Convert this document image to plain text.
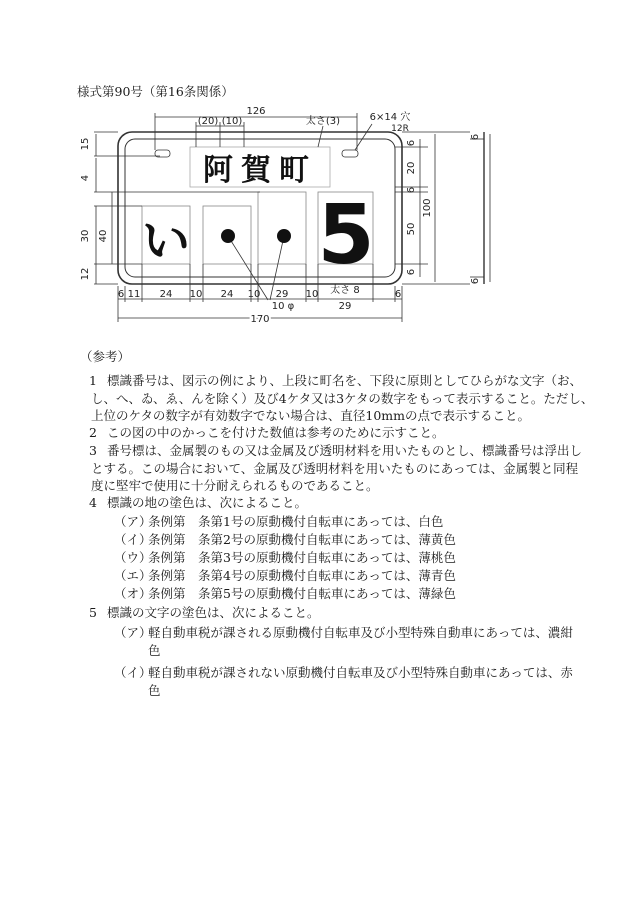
様式第90号（第16条関係）
阿賀町
い 5
126
(20) (10)	太さ(3)	6×14 穴
12R
15
4
30 40
12
6
20
6
50
6
100
6
6
6 11 24 10 24 10 29 10 太さ 8	6
10 φ	29
170
（参考）
1 標識番号は、図示の例により、上段に町名を、下段に原則としてひらがな文字（お、
し、へ、ゐ、ゑ、んを除く）及び4ケタ又は3ケタの数字をもって表示すること。ただし、
上位のケタの数字が有効数字でない場合は、直径10mmの点で表示すること。
2 この図の中のかっこを付けた数値は参考のために示すこと。
3 番号標は、金属製のもの又は金属及び透明材料を用いたものとし、標識番号は浮出し
とする。この場合において、金属及び透明材料を用いたものにあっては、金属製と同程
度に堅牢で使用に十分耐えられるものであること。
4 標識の地の塗色は、次によること。
（ア）
条例第　条第1号の原動機付自転車にあっては、白色
（イ）
条例第　条第2号の原動機付自転車にあっては、薄黄色
（ウ）
条例第　条第3号の原動機付自転車にあっては、薄桃色
（エ）
条例第　条第4号の原動機付自転車にあっては、薄青色
（オ）
条例第　条第5号の原動機付自転車にあっては、薄緑色
5 標識の文字の塗色は、次によること。
（ア）
軽自動車税が課される原動機付自転車及び小型特殊自動車にあっては、濃紺
色
（イ）
軽自動車税が課されない原動機付自転車及び小型特殊自動車にあっては、赤
色
